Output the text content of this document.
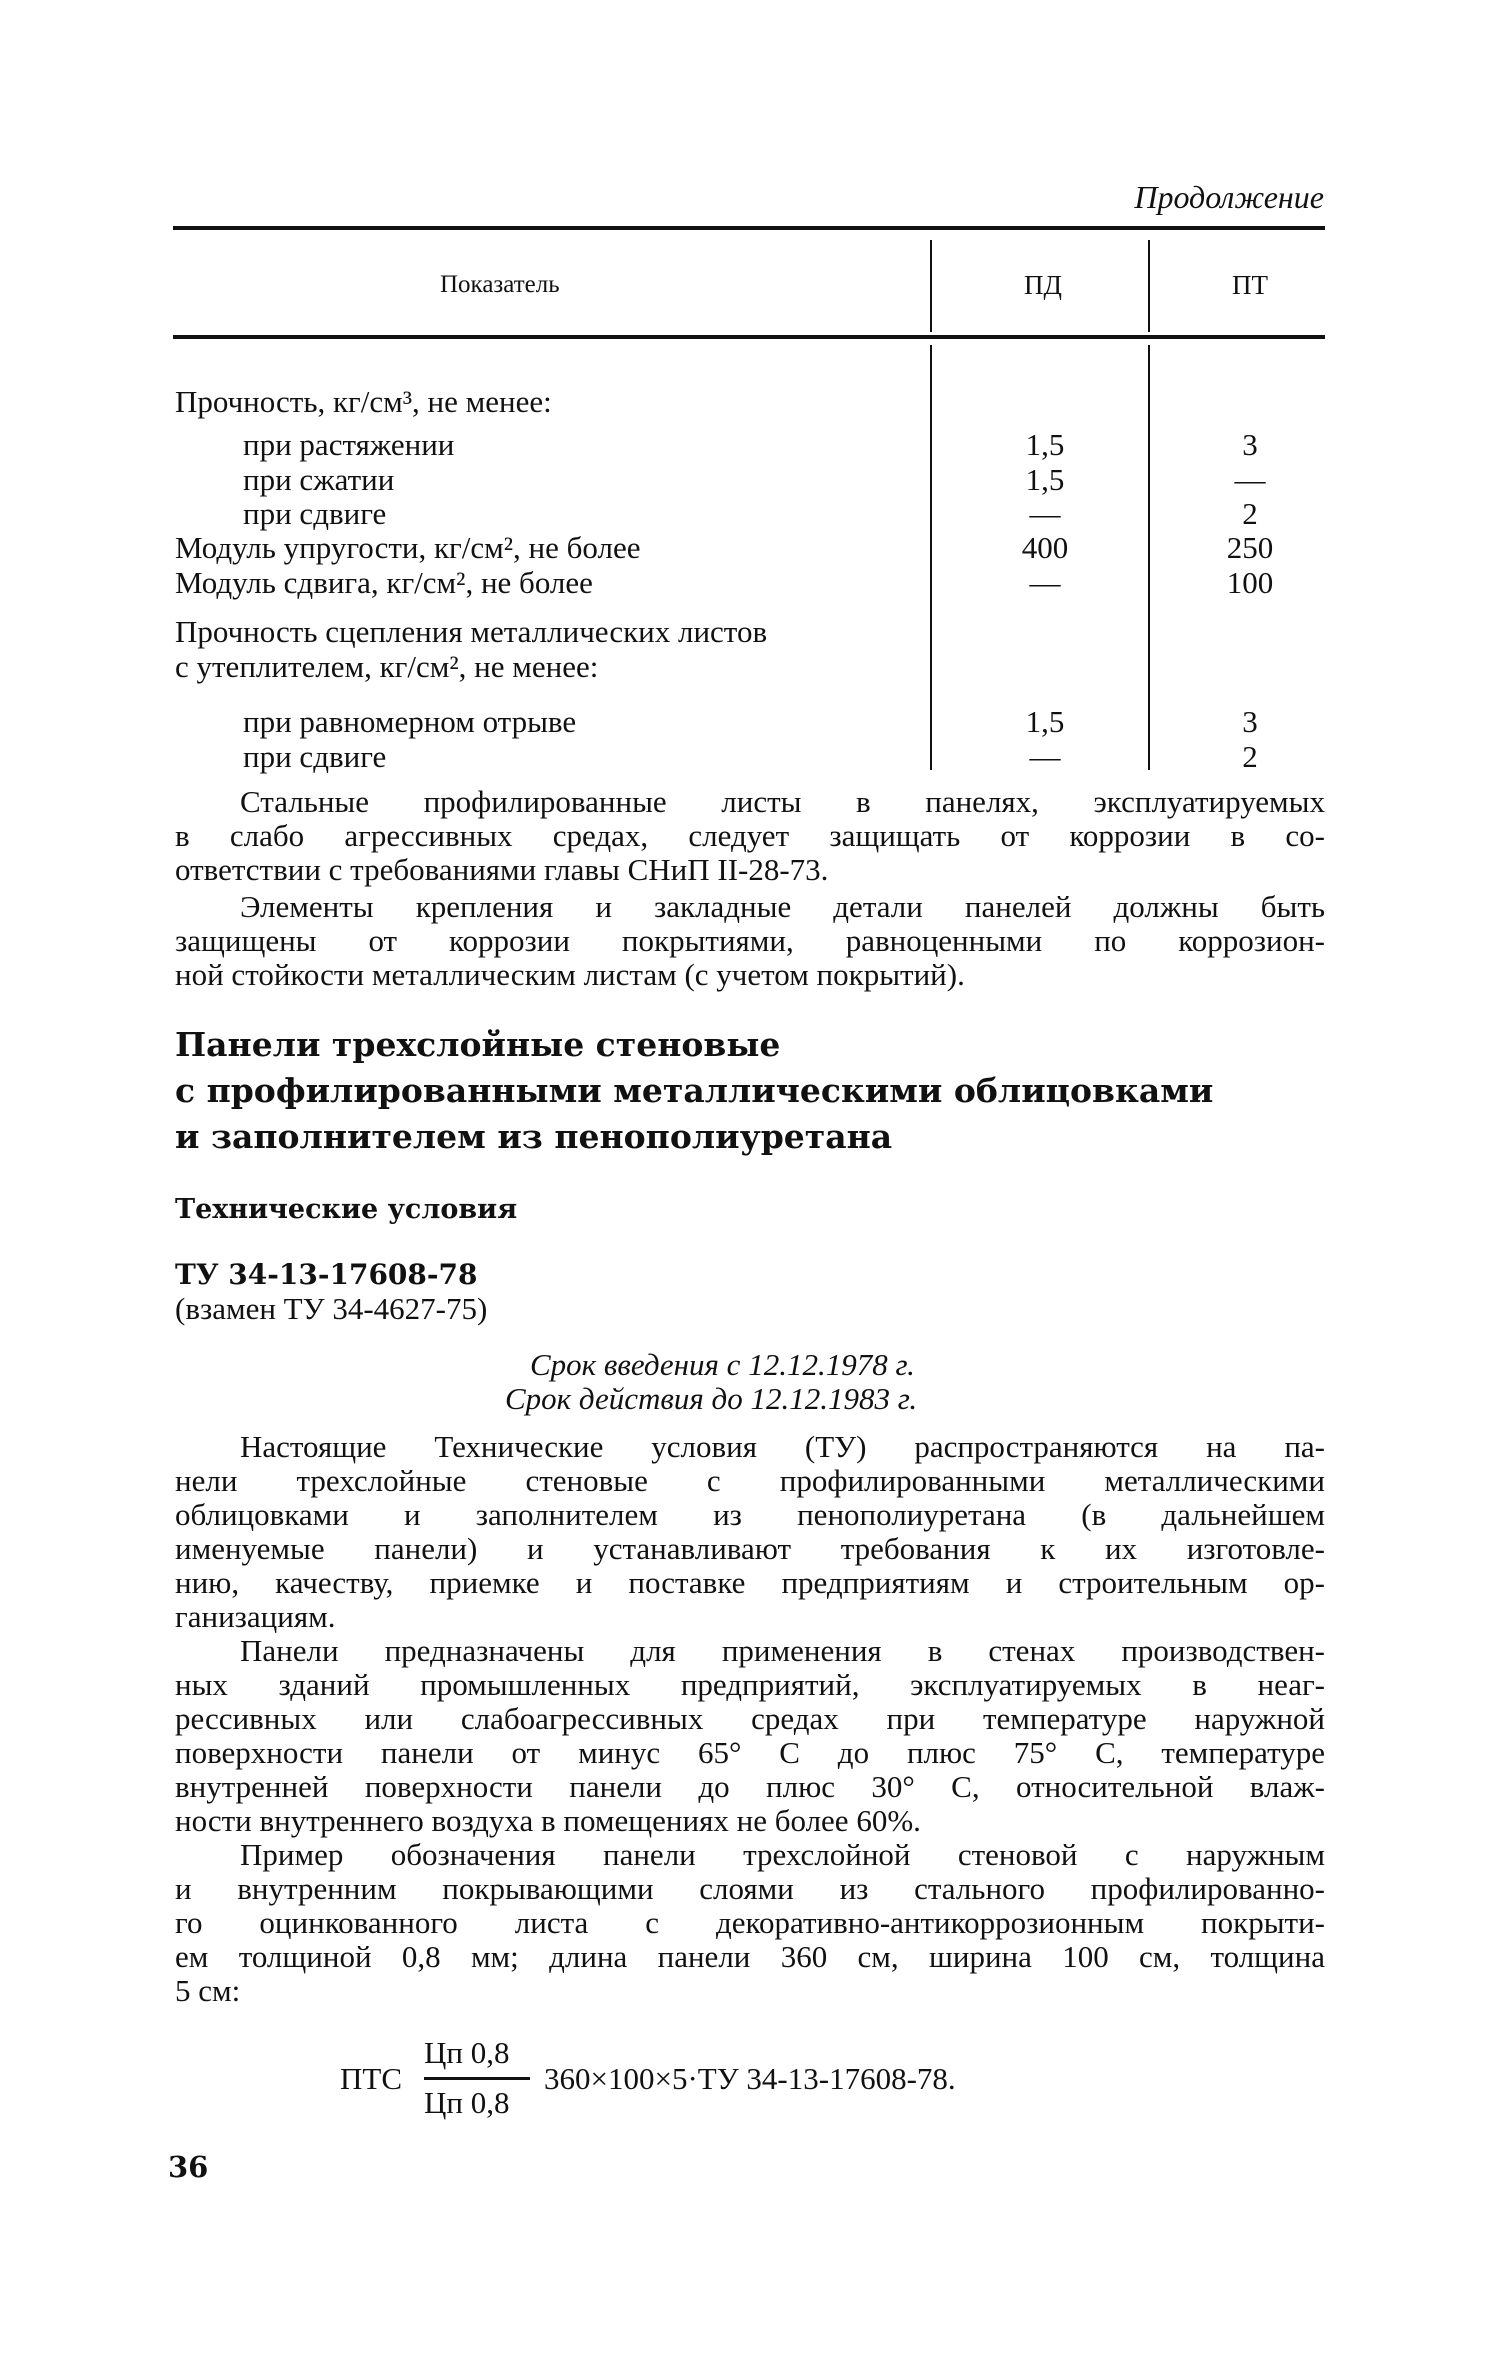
Продолжение
Показатель	ПД	ПТ
Прочность, кг/см³, не менее:
при растяжении	1,5	3
при сжатии	1,5	—
при сдвиге	—	2
Модуль упругости, кг/см², не более	400	250
Модуль сдвига, кг/см², не более	—	100
Прочность сцепления металлических листов
с утеплителем, кг/см², не менее:
при равномерном отрыве	1,5	3
при сдвиге	—	2
Стальные профилированные листы в панелях, эксплуатируемых
в слабо агрессивных средах, следует защищать от коррозии в со-
ответствии с требованиями главы СНиП II-28-73.
Элементы крепления и закладные детали панелей должны быть
защищены от коррозии покрытиями, равноценными по коррозион-
ной стойкости металлическим листам (с учетом покрытий).
Панели трехслойные стеновые
с профилированными металлическими облицовками
и заполнителем из пенополиуретана
Технические условия
ТУ 34-13-17608-78
(взамен ТУ 34-4627-75)
Срок введения с 12.12.1978 г.
Срок действия до 12.12.1983 г.
Настоящие Технические условия (ТУ) распространяются на па-
нели трехслойные стеновые с профилированными металлическими
облицовками и заполнителем из пенополиуретана (в дальнейшем
именуемые панели) и устанавливают требования к их изготовле-
нию, качеству, приемке и поставке предприятиям и строительным ор-
ганизациям.
Панели предназначены для применения в стенах производствен-
ных зданий промышленных предприятий, эксплуатируемых в неаг-
рессивных или слабоагрессивных средах при температуре наружной
поверхности панели от минус 65° С до плюс 75° С, температуре
внутренней поверхности панели до плюс 30° С, относительной влаж-
ности внутреннего воздуха в помещениях не более 60%.
Пример обозначения панели трехслойной стеновой с наружным
и внутренним покрывающими слоями из стального профилированно-
го оцинкованного листа с декоративно-антикоррозионным покрыти-
ем толщиной 0,8 мм; длина панели 360 см, ширина 100 см, толщина
5 см:
ПТС
Цп 0,8
Цп 0,8
360×100×5·ТУ 34-13-17608-78.
36
